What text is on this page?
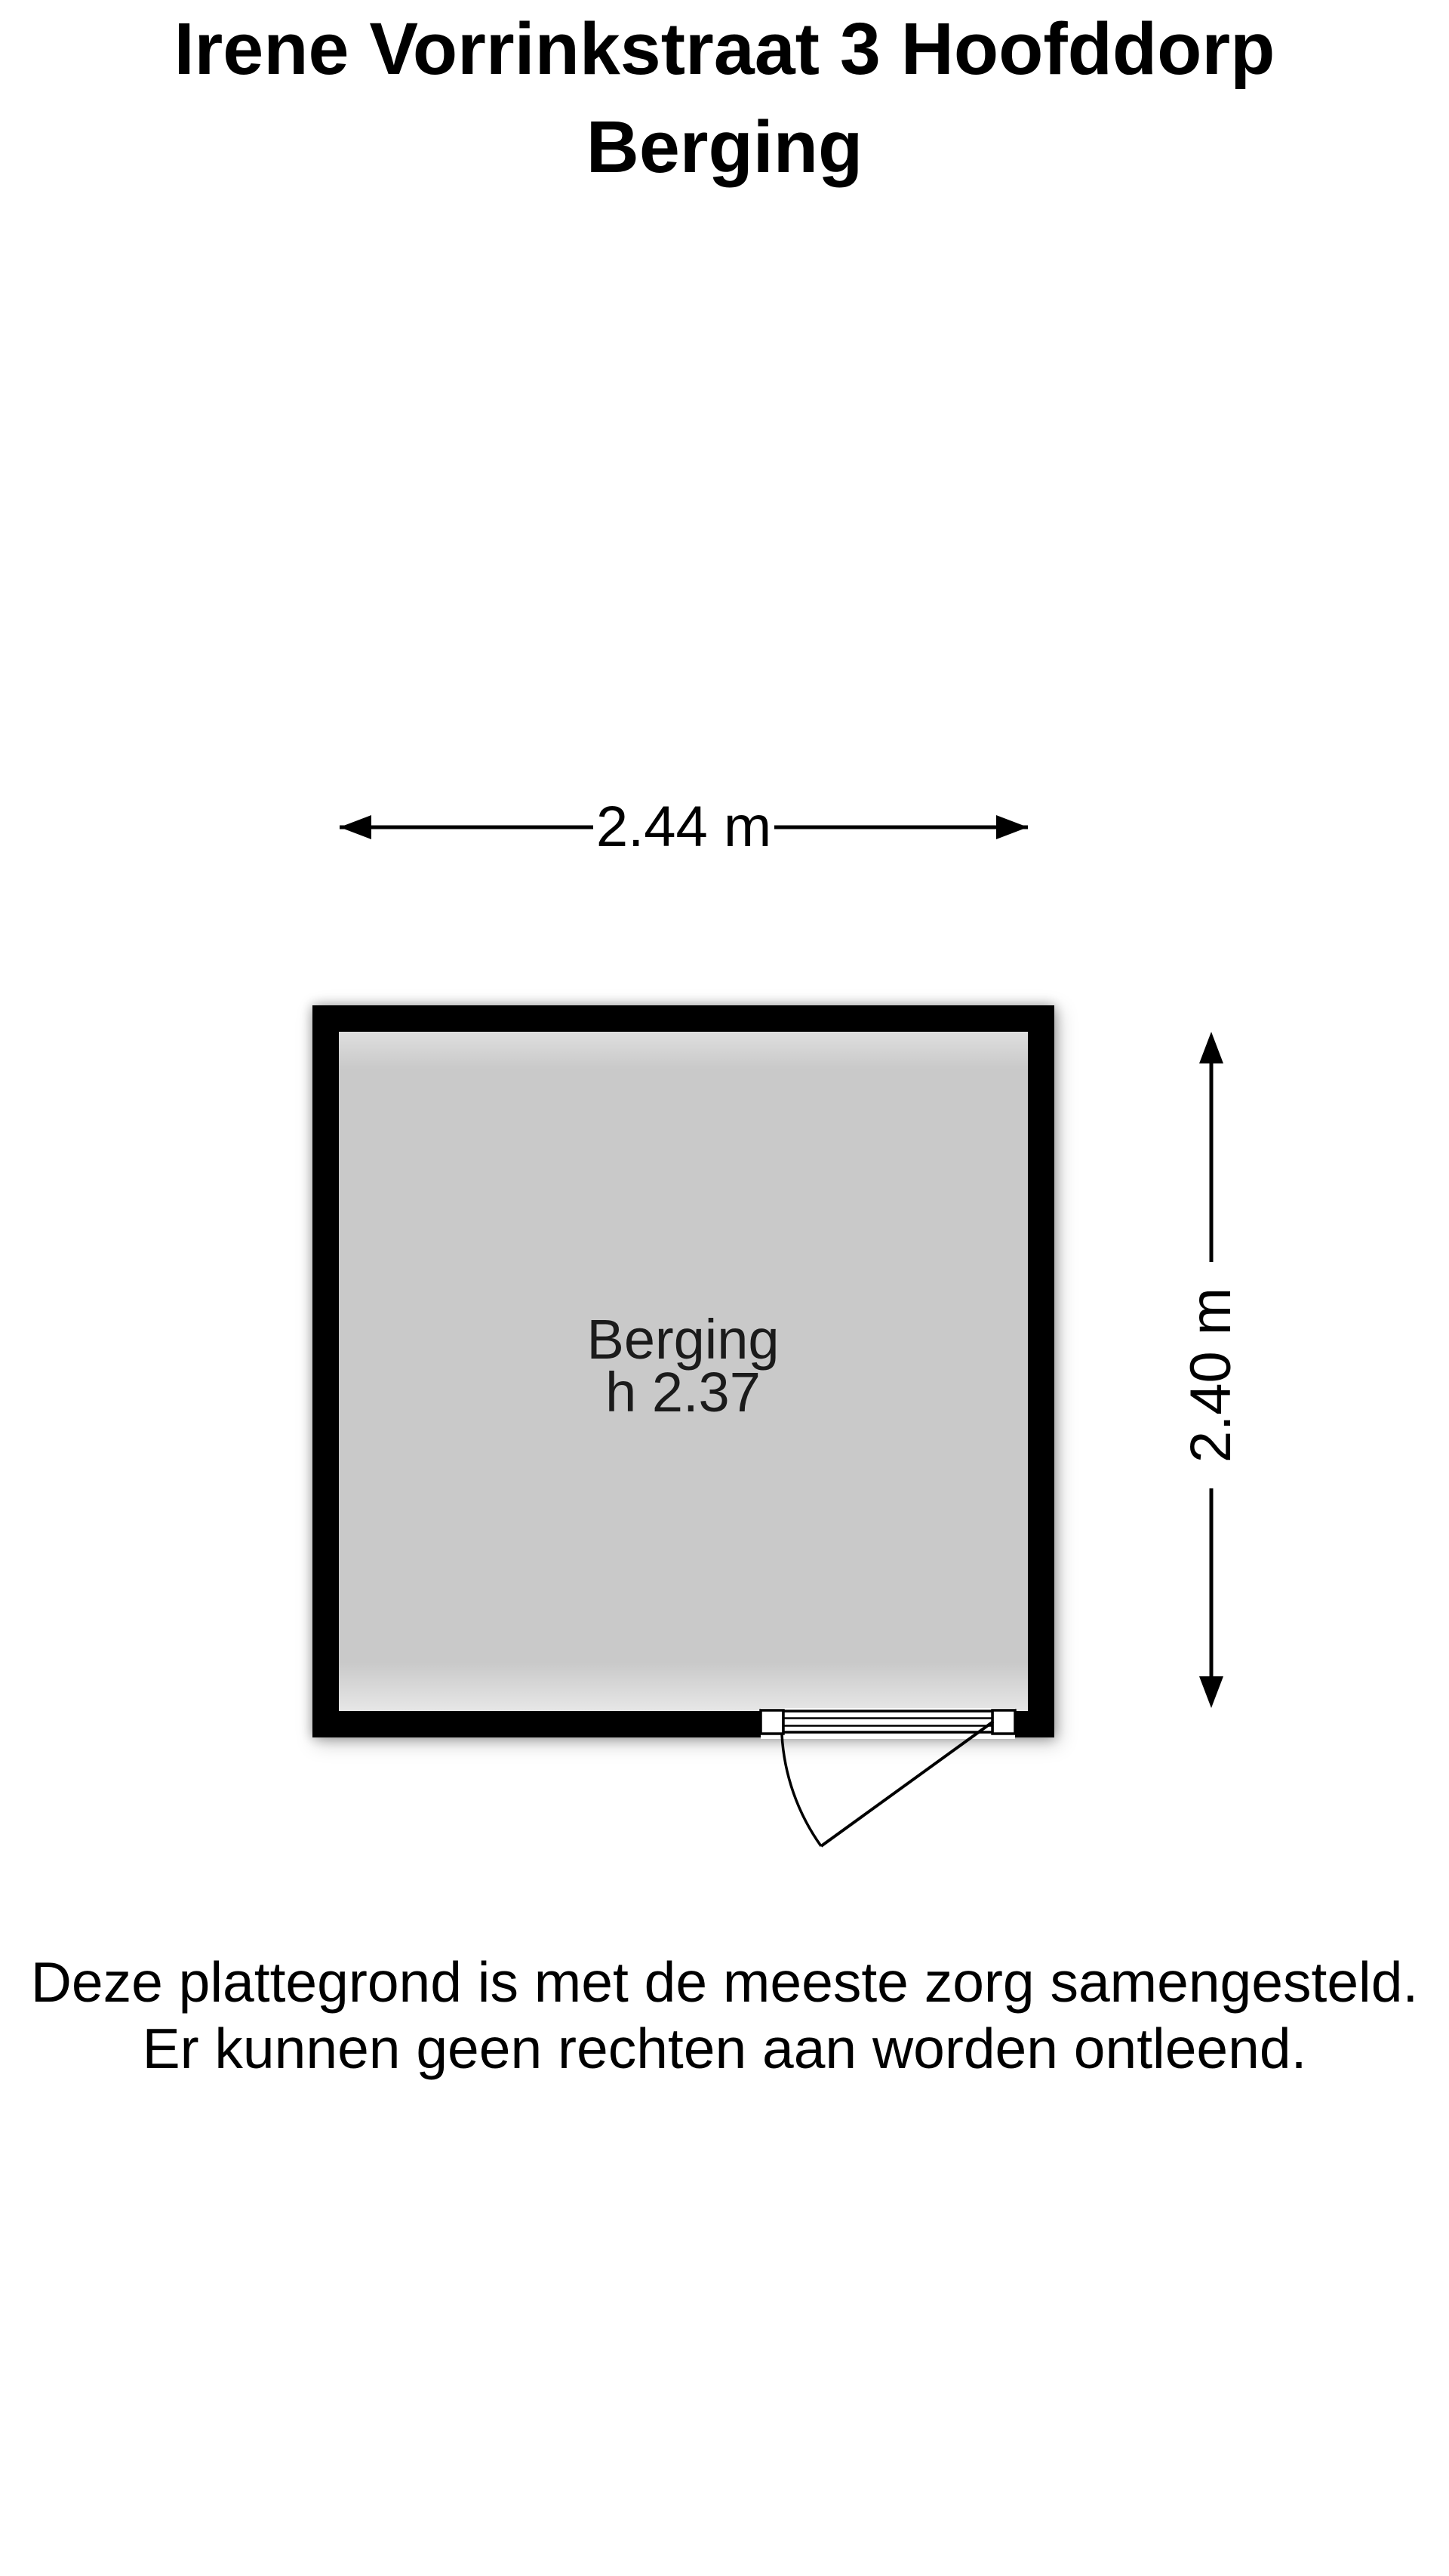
Irene Vorrinkstraat 3 Hoofddorp
Berging
2.44 m
2.40 m
Berging
h 2.37
Deze plattegrond is met de meeste zorg samengesteld.
Er kunnen geen rechten aan worden ontleend.
